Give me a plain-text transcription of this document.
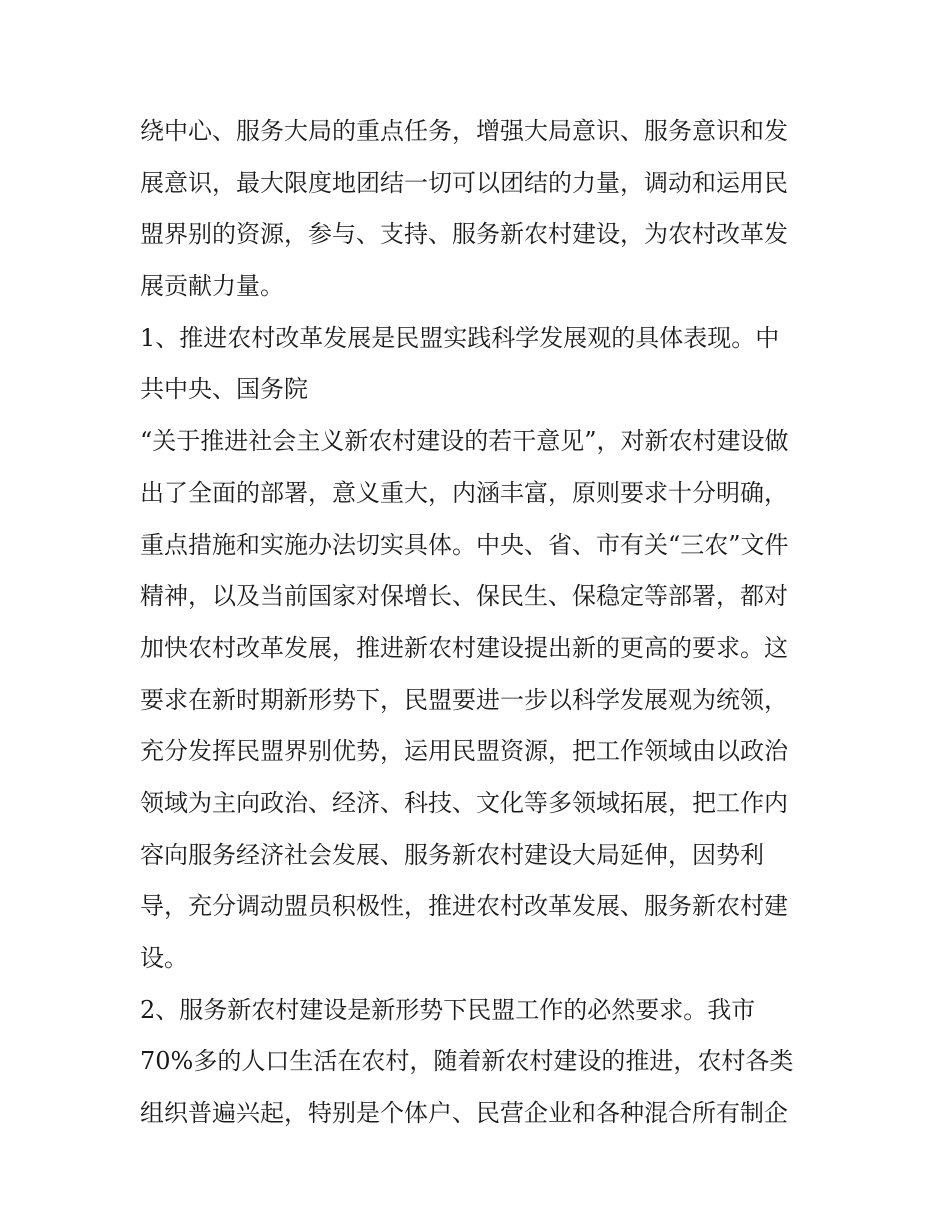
绕中心、服务大局的重点任务，增强大局意识、服务意识和发
展意识，最大限度地团结一切可以团结的力量，调动和运用民
盟界别的资源，参与、支持、服务新农村建设，为农村改革发
展贡献力量。
1、推进农村改革发展是民盟实践科学发展观的具体表现。中
共中央、国务院
“关于推进社会主义新农村建设的若干意见”，对新农村建设做
出了全面的部署，意义重大，内涵丰富，原则要求十分明确，
重点措施和实施办法切实具体。中央、省、市有关“三农”文件
精神，以及当前国家对保增长、保民生、保稳定等部署，都对
加快农村改革发展，推进新农村建设提出新的更高的要求。这
要求在新时期新形势下，民盟要进一步以科学发展观为统领，
充分发挥民盟界别优势，运用民盟资源，把工作领域由以政治
领域为主向政治、经济、科技、文化等多领域拓展，把工作内
容向服务经济社会发展、服务新农村建设大局延伸，因势利
导，充分调动盟员积极性，推进农村改革发展、服务新农村建
设。
2、服务新农村建设是新形势下民盟工作的必然要求。我市
70%多的人口生活在农村，随着新农村建设的推进，农村各类
组织普遍兴起，特别是个体户、民营企业和各种混合所有制企
